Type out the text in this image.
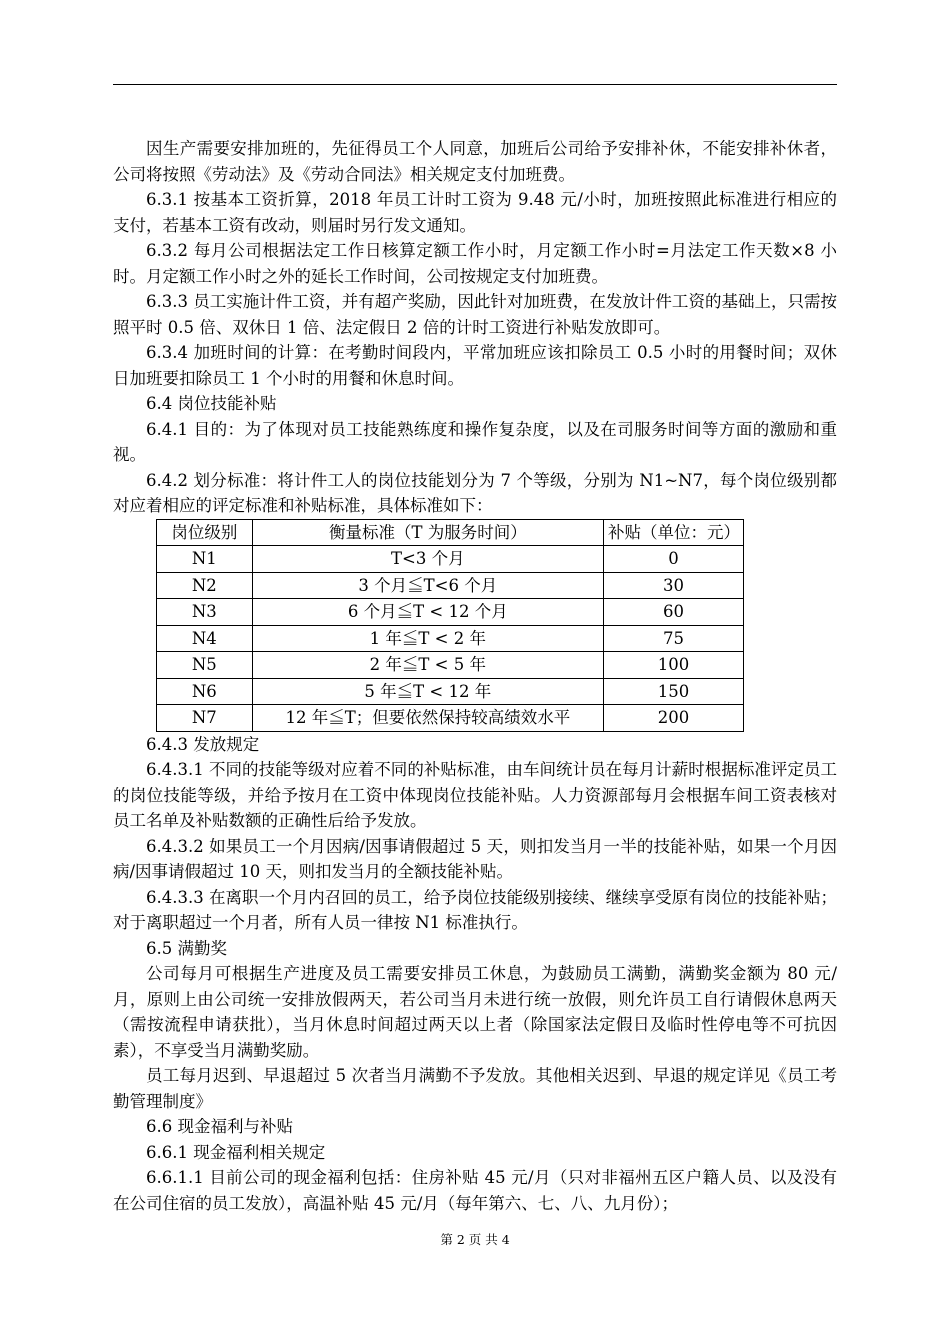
因生产需要安排加班的，先征得员工个人同意，加班后公司给予安排补休，不能安排补休者，公司将按照《劳动法》及《劳动合同法》相关规定支付加班费。

6.3.1 按基本工资折算，2018 年员工计时工资为 9.48 元/小时，加班按照此标准进行相应的支付，若基本工资有改动，则届时另行发文通知。

6.3.2 每月公司根据法定工作日核算定额工作小时，月定额工作小时=月法定工作天数×8 小时。月定额工作小时之外的延长工作时间，公司按规定支付加班费。

6.3.3 员工实施计件工资，并有超产奖励，因此针对加班费，在发放计件工资的基础上，只需按照平时 0.5 倍、双休日 1 倍、法定假日 2 倍的计时工资进行补贴发放即可。

6.3.4 加班时间的计算：在考勤时间段内，平常加班应该扣除员工 0.5 小时的用餐时间；双休日加班要扣除员工 1 个小时的用餐和休息时间。

6.4 岗位技能补贴

6.4.1 目的：为了体现对员工技能熟练度和操作复杂度，以及在司服务时间等方面的激励和重视。

6.4.2 划分标准：将计件工人的岗位技能划分为 7 个等级，分别为 N1~N7，每个岗位级别都对应着相应的评定标准和补贴标准，具体标准如下：

岗位级别	衡量标准（T 为服务时间）	补贴（单位：元）
N1	T<3 个月	0
N2	3 个月≦T<6 个月	30
N3	6 个月≦T < 12 个月	60
N4	1 年≦T < 2 年	75
N5	2 年≦T < 5 年	100
N6	5 年≦T < 12 年	150
N7	12 年≦T；但要依然保持较高绩效水平	200

6.4.3 发放规定

6.4.3.1 不同的技能等级对应着不同的补贴标准，由车间统计员在每月计薪时根据标准评定员工的岗位技能等级，并给予按月在工资中体现岗位技能补贴。人力资源部每月会根据车间工资表核对员工名单及补贴数额的正确性后给予发放。

6.4.3.2 如果员工一个月因病/因事请假超过 5 天，则扣发当月一半的技能补贴，如果一个月因病/因事请假超过 10 天，则扣发当月的全额技能补贴。

6.4.3.3 在离职一个月内召回的员工，给予岗位技能级别接续、继续享受原有岗位的技能补贴；对于离职超过一个月者，所有人员一律按 N1 标准执行。

6.5 满勤奖

公司每月可根据生产进度及员工需要安排员工休息，为鼓励员工满勤，满勤奖金额为 80 元/月，原则上由公司统一安排放假两天，若公司当月未进行统一放假，则允许员工自行请假休息两天（需按流程申请获批），当月休息时间超过两天以上者（除国家法定假日及临时性停电等不可抗因素），不享受当月满勤奖励。

员工每月迟到、早退超过 5 次者当月满勤不予发放。其他相关迟到、早退的规定详见《员工考勤管理制度》

6.6 现金福利与补贴

6.6.1 现金福利相关规定

6.6.1.1 目前公司的现金福利包括：住房补贴 45 元/月（只对非福州五区户籍人员、以及没有在公司住宿的员工发放），高温补贴 45 元/月（每年第六、七、八、九月份）；

第 2 页 共 4
